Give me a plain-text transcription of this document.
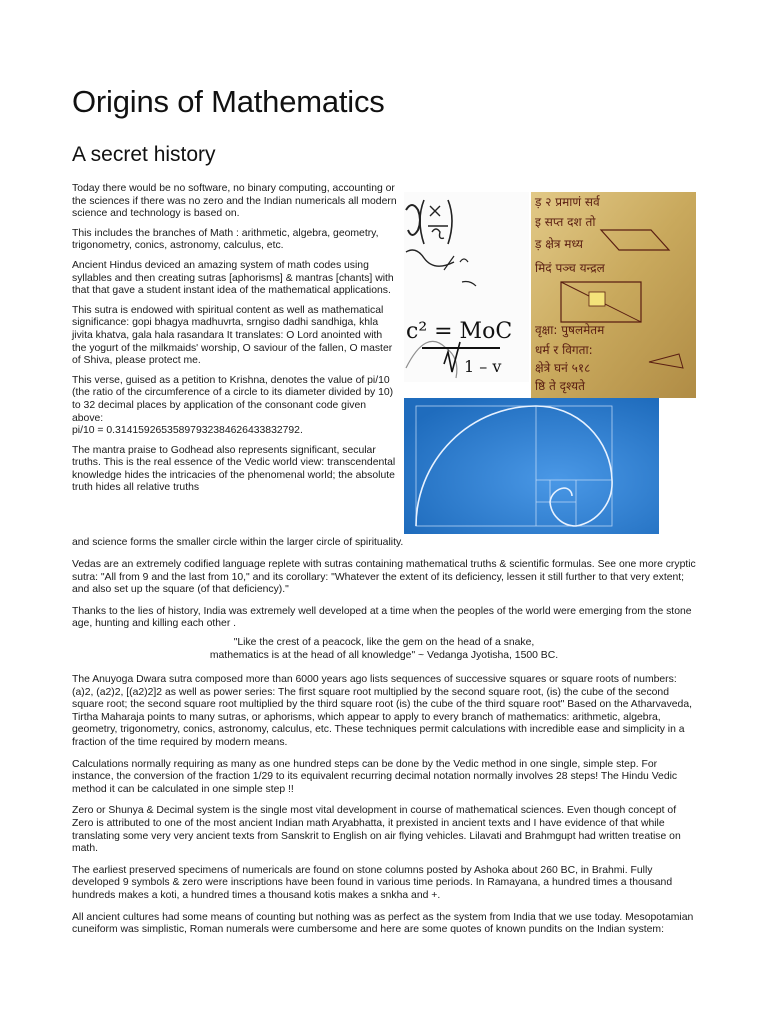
Origins of Mathematics
A secret history

Today there would be no software, no binary computing, accounting or the sciences if there was no zero and the Indian numericals all modern science and technology is based on.

This includes the branches of Math : arithmetic, algebra, geometry, trigonometry, conics, astronomy, calculus, etc.

Ancient Hindus deviced an amazing system of math codes using syllables and then creating sutras [aphorisms] & mantras [chants] with that that gave a student instant idea of the mathematical applications.

This sutra is endowed with spiritual content as well as mathematical significance: gopi bhagya madhuvrta, srngiso dadhi sandhiga, khla jivita khatva, gala hala rasandara It translates: O Lord anointed with the yogurt of the milkmaids' worship, O saviour of the fallen, O master of Shiva, please protect me.

This verse, guised as a petition to Krishna, denotes the value of pi/10 (the ratio of the circumference of a circle to its diameter divided by 10) to 32 decimal places by application of the consonant code given above:

pi/10 = 0.31415926535897932384626433832792.

The mantra praise to Godhead also represents significant, secular truths. This is the real essence of the Vedic world view: transcendental knowledge hides the intricacies of the phenomenal world; the absolute truth hides all relative truths

and science forms the smaller circle within the larger circle of spirituality.

c² = MoC
1 – v
ड़ २ प्रमाणं सर्व
इ सप्त दश तो
ड़ क्षेत्र मध्य
मिदं पञ्च यन्द्रल
वृक्षा: पुषलमेतम
धर्म र विगता:
क्षेत्रे घनं ५१८
ष्ठि ते दृश्यते

Vedas are an extremely codified language replete with sutras containing mathematical truths & scientific formulas. See one more cryptic sutra: "All from 9 and the last from 10," and its corollary: "Whatever the extent of its deficiency, lessen it still further to that very extent; and also set up the square (of that deficiency)."

Thanks to the lies of history, India was extremely well developed at a time when the peoples of the world were emerging from the stone age, hunting and killing each other .

"Like the crest of a peacock, like the gem on the head of a snake,

mathematics is at the head of all knowledge" ~ Vedanga Jyotisha, 1500 BC.

The Anuyoga Dwara sutra composed more than 6000 years ago lists sequences of successive squares or square roots of numbers: (a)2, (a2)2, [(a2)2]2 as well as power series: The first square root multiplied by the second square root, (is) the cube of the second square root; the second square root multiplied by the third square root (is) the cube of the third square root" Based on the Atharvaveda, Tirtha Maharaja points to many sutras, or aphorisms, which appear to apply to every branch of mathematics: arithmetic, algebra, geometry, trigonometry, conics, astronomy, calculus, etc. These techniques permit calculations with incredible ease and simplicity in a fraction of the time required by modern means.

Calculations normally requiring as many as one hundred steps can be done by the Vedic method in one single, simple step. For instance, the conversion of the fraction 1/29 to its equivalent recurring decimal notation normally involves 28 steps! The Hindu Vedic method it can be calculated in one simple step !!

Zero or Shunya & Decimal system is the single most vital development in course of mathematical sciences. Even though concept of Zero is attributed to one of the most ancient Indian math Aryabhatta, it prexisted in ancient texts and I have evidence of that while translating some very very ancient texts from Sanskrit to English on air flying vehicles. Lilavati and Brahmgupt had written treatise on math.

The earliest preserved specimens of numericals are found on stone columns posted by Ashoka about 260 BC, in Brahmi. Fully developed 9 symbols & zero were inscriptions have been found in various time periods. In Ramayana, a hundred times a thousand hundreds makes a koti, a hundred times a thousand kotis makes a snkha and +.

All ancient cultures had some means of counting but nothing was as perfect as the system from India that we use today. Mesopotamian cuneiform was simplistic, Roman numerals were cumbersome and here are some quotes of known pundits on the Indian system:
